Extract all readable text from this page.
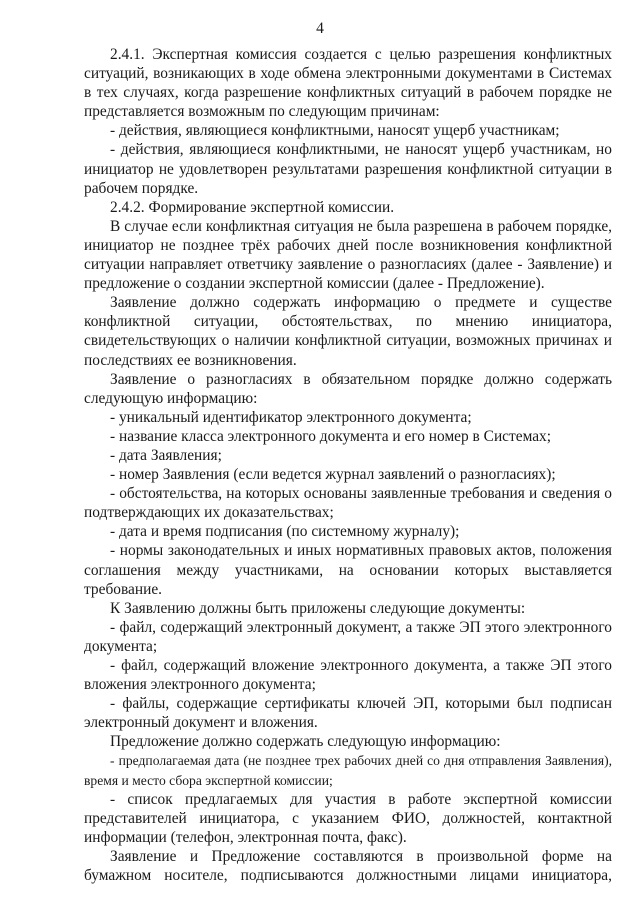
4

2.4.1. Экспертная комиссия создается с целью разрешения конфликтных ситуаций, возникающих в ходе обмена электронными документами в Системах в тех случаях, когда разрешение конфликтных ситуаций в рабочем порядке не представляется возможным по следующим причинам:

- действия, являющиеся конфликтными, наносят ущерб участникам;

- действия, являющиеся конфликтными, не наносят ущерб участникам, но инициатор не удовлетворен результатами разрешения конфликтной ситуации в рабочем порядке.

2.4.2. Формирование экспертной комиссии.

В случае если конфликтная ситуация не была разрешена в рабочем порядке, инициатор не позднее трёх рабочих дней после возникновения конфликтной ситуации направляет ответчику заявление о разногласиях (далее - Заявление) и предложение о создании экспертной комиссии (далее - Предложение).

Заявление должно содержать информацию о предмете и существе конфликтной ситуации, обстоятельствах, по мнению инициатора, свидетельствующих о наличии конфликтной ситуации, возможных причинах и последствиях ее возникновения.

Заявление о разногласиях в обязательном порядке должно содержать следующую информацию:

- уникальный идентификатор электронного документа;

- название класса электронного документа и его номер в Системах;

- дата Заявления;

- номер Заявления (если ведется журнал заявлений о разногласиях);

- обстоятельства, на которых основаны заявленные требования и сведения о подтверждающих их доказательствах;

- дата и время подписания (по системному журналу);

- нормы законодательных и иных нормативных правовых актов, положения соглашения между участниками, на основании которых выставляется требование.

К Заявлению должны быть приложены следующие документы:

- файл, содержащий электронный документ, а также ЭП этого электронного документа;

- файл, содержащий вложение электронного документа, а также ЭП этого вложения электронного документа;

- файлы, содержащие сертификаты ключей ЭП, которыми был подписан электронный документ и вложения.

Предложение должно содержать следующую информацию:

- предполагаемая дата (не позднее трех рабочих дней со дня отправления Заявления), время и место сбора экспертной комиссии;

- список предлагаемых для участия в работе экспертной комиссии представителей инициатора, с указанием ФИО, должностей, контактной информации (телефон, электронная почта, факс).

Заявление и Предложение составляются в произвольной форме на бумажном носителе, подписываются должностными лицами инициатора,
